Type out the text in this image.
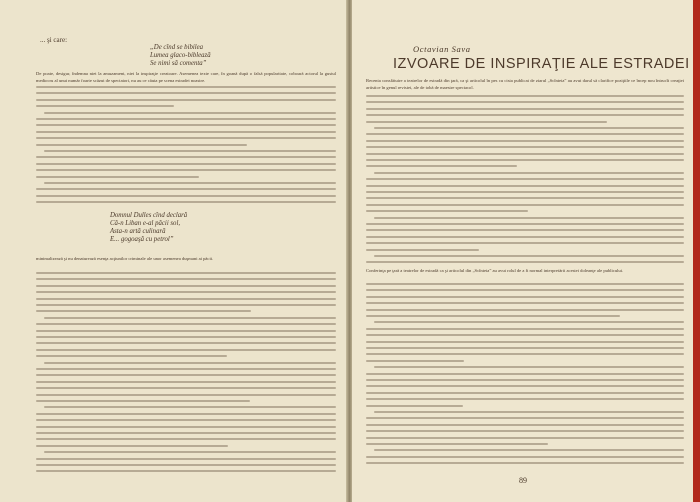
... şi care:
„De cînd se bibilea
Lumea glaco-biblează
Se nimi să comenta”
De poate, desigur, îndemna niet la amuzament, niei la inspiraţie creatoare. Asemenea texte care, în goană după o falsă popularitate, coboară actorul la gustul mediocru al unui număr foarte scăzut de spectatori, nu au ce căuta pe scena estradei noastre.
Domnul Dulles cînd declară
Că-n Liban e-al păcii sol,
Asta-n artă culinară
E... gogoaşă cu petrol”
minimalizează şi nu denaturează esenţa acţiunilor criminale ale unor asemenea duşmani ai păcii.
Octavian Sava
IZVOARE DE INSPIRAŢIE ALE ESTRADEI
Recenta consfătuire a teatrelor de estradă din ţară, ca şi articolul în pes cu cista publicat de ziarul „Scînteia” au avut darul să clarifice poziţiile ce încep nou întrucît creaţiei artistice în genul revistei, ale de tobă de maestre spectacol.
Conferinţa pe ţară a teatrelor de estradă ca şi articolul din „Scînteia” au avut rolul de a fi normal interpretării acestei doleanţe ale publicului.
89
